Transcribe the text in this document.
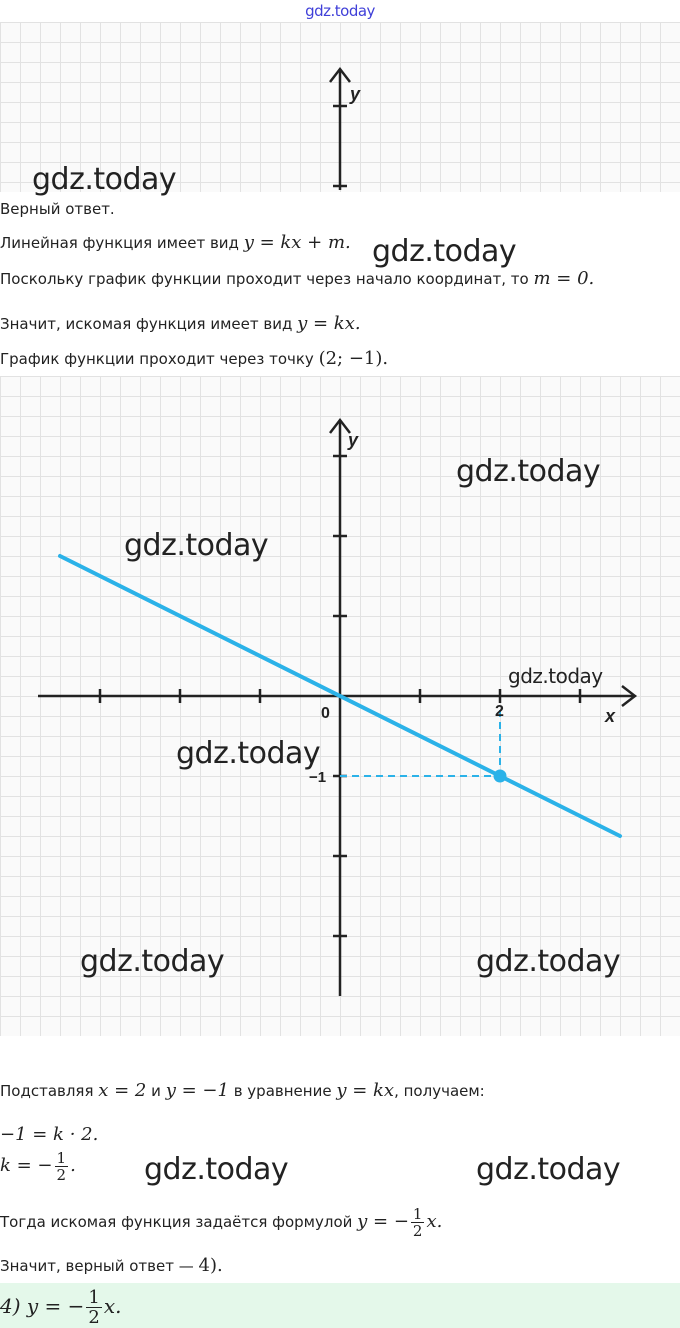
gdz.today
y
gdz.today
Верный ответ.
Линейная функция имеет вид y = kx + m. gdz.today
Поскольку график функции проходит через начало координат, то m = 0.
Значит, искомая функция имеет вид y = kx.
График функции проходит через точку (2; −1).
y
x
0	2
−1
gdz.today
gdz.today
gdz.today
gdz.today
gdz.today	gdz.today
Подставляя x = 2 и y = −1 в уравнение y = kx, получаем:
−1 = k · 2.
k = − $\frac{1}{2}$ . gdz.today	gdz.today
Тогда искомая функция задаётся формулой y = − $\frac{1}{2} x$.
Значит, верный ответ — 4).
4) y = − $\frac{1}{2} x$.
